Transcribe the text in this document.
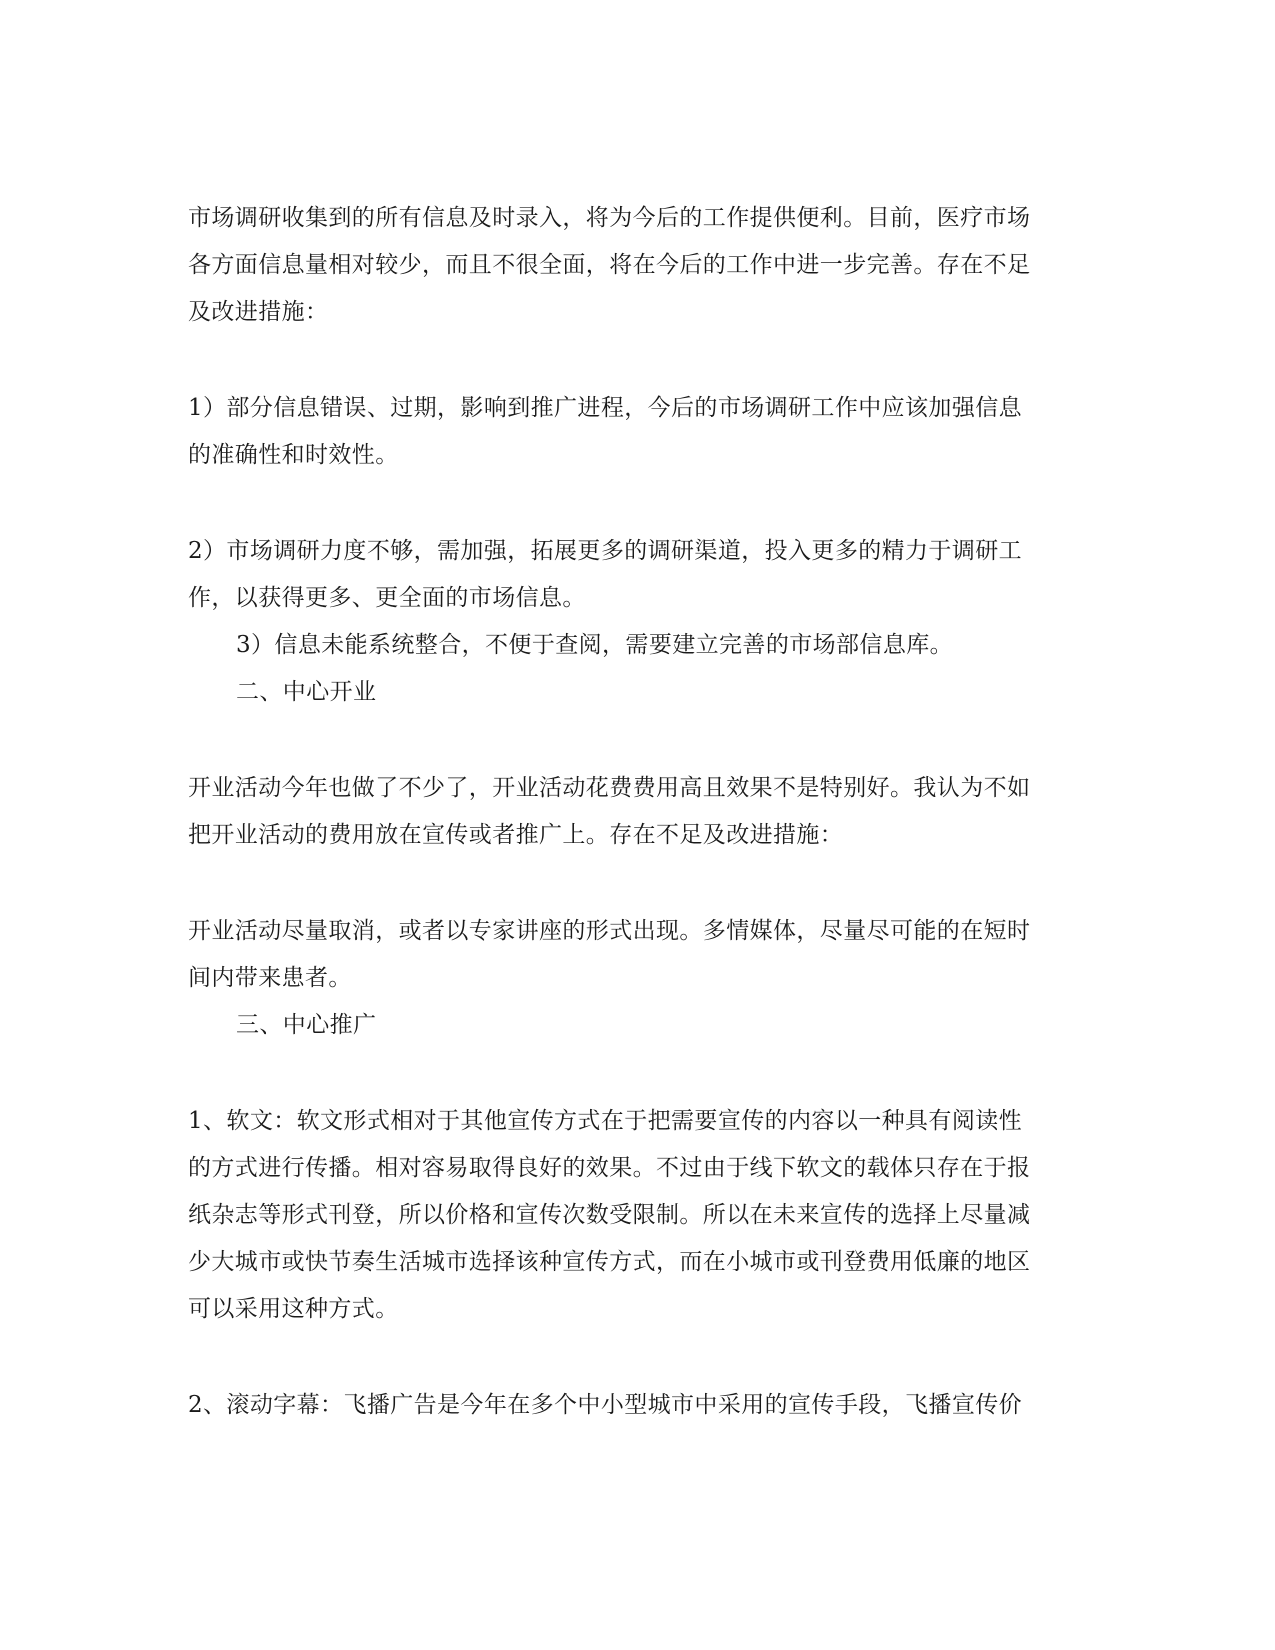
市场调研收集到的所有信息及时录入，将为今后的工作提供便利。目前，医疗市场
各方面信息量相对较少，而且不很全面，将在今后的工作中进一步完善。存在不足
及改进措施：
1）部分信息错误、过期，影响到推广进程，今后的市场调研工作中应该加强信息
的准确性和时效性。
2）市场调研力度不够，需加强，拓展更多的调研渠道，投入更多的精力于调研工
作，以获得更多、更全面的市场信息。
3）信息未能系统整合，不便于查阅，需要建立完善的市场部信息库。
二、中心开业
开业活动今年也做了不少了，开业活动花费费用高且效果不是特别好。我认为不如
把开业活动的费用放在宣传或者推广上。存在不足及改进措施：
开业活动尽量取消，或者以专家讲座的形式出现。多情媒体，尽量尽可能的在短时
间内带来患者。
三、中心推广
1、软文：软文形式相对于其他宣传方式在于把需要宣传的内容以一种具有阅读性
的方式进行传播。相对容易取得良好的效果。不过由于线下软文的载体只存在于报
纸杂志等形式刊登，所以价格和宣传次数受限制。所以在未来宣传的选择上尽量减
少大城市或快节奏生活城市选择该种宣传方式，而在小城市或刊登费用低廉的地区
可以采用这种方式。
2、滚动字幕：飞播广告是今年在多个中小型城市中采用的宣传手段，飞播宣传价
